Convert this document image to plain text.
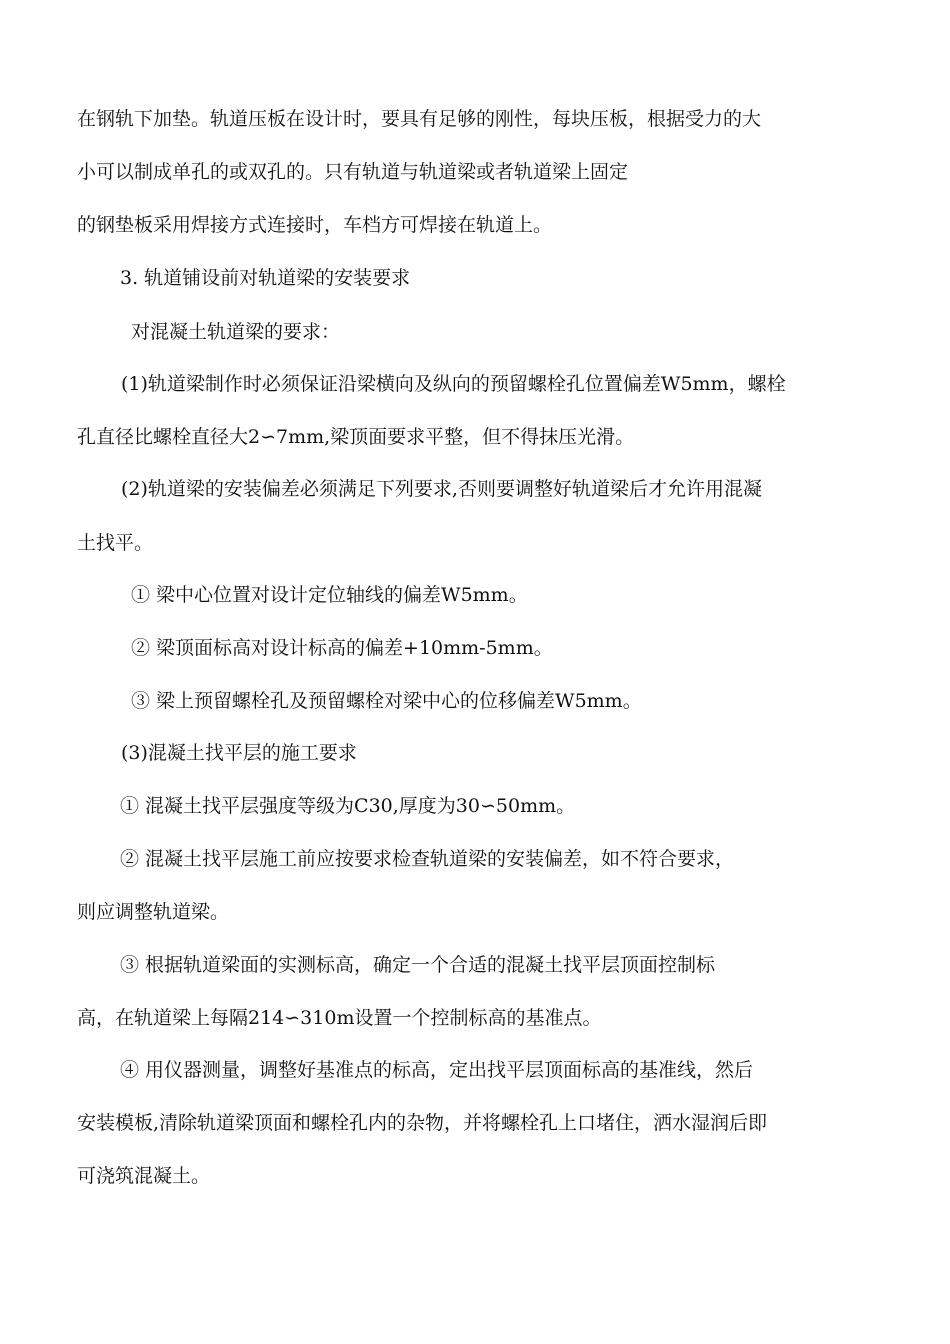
在钢轨下加垫。轨道压板在设计时，要具有足够的刚性，每块压板，根据受力的大
小可以制成单孔的或双孔的。只有轨道与轨道梁或者轨道梁上固定
的钢垫板采用焊接方式连接时，车档方可焊接在轨道上。
3. 轨道铺设前对轨道梁的安装要求
对混凝土轨道梁的要求：
(1)轨道梁制作时必须保证沿梁横向及纵向的预留螺栓孔位置偏差W5mm，螺栓
孔直径比螺栓直径大2∽7mm,梁顶面要求平整，但不得抹压光滑。
(2)轨道梁的安装偏差必须满足下列要求,否则要调整好轨道梁后才允许用混凝
土找平。
① 梁中心位置对设计定位轴线的偏差W5mm。
② 梁顶面标高对设计标高的偏差+10mm-5mm。
③ 梁上预留螺栓孔及预留螺栓对梁中心的位移偏差W5mm。
(3)混凝土找平层的施工要求
① 混凝土找平层强度等级为C30,厚度为30∽50mm。
② 混凝土找平层施工前应按要求检查轨道梁的安装偏差，如不符合要求，
则应调整轨道梁。
③ 根据轨道梁面的实测标高，确定一个合适的混凝土找平层顶面控制标
高，在轨道梁上每隔214∽310m设置一个控制标高的基准点。
④ 用仪器测量，调整好基准点的标高，定出找平层顶面标高的基准线，然后
安装模板,清除轨道梁顶面和螺栓孔内的杂物，并将螺栓孔上口堵住，洒水湿润后即
可浇筑混凝土。
